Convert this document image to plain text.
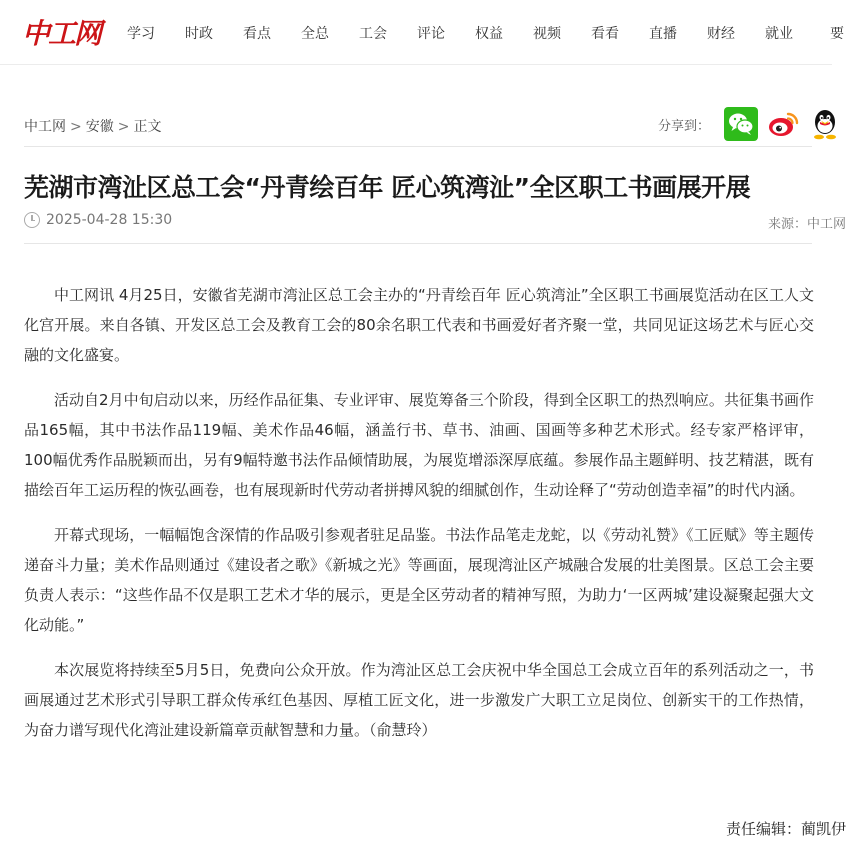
中工网	学习	时政	看点	全总	工会	评论	权益	视频	看看	直播	财经	就业	要
中工网 > 安徽 > 正文	分享到：
芜湖市湾沚区总工会“丹青绘百年 匠心筑湾沚”全区职工书画展开展
2025-04-28 15:30	来源：中工网

中工网讯 4月25日，安徽省芜湖市湾沚区总工会主办的“丹青绘百年 匠心筑湾沚”全区职工书画展览活动在区工人文化宫开展。来自各镇、开发区总工会及教育工会的80余名职工代表和书画爱好者齐聚一堂，共同见证这场艺术与匠心交融的文化盛宴。

活动自2月中旬启动以来，历经作品征集、专业评审、展览筹备三个阶段，得到全区职工的热烈响应。共征集书画作品165幅，其中书法作品119幅、美术作品46幅，涵盖行书、草书、油画、国画等多种艺术形式。经专家严格评审，100幅优秀作品脱颖而出，另有9幅特邀书法作品倾情助展，为展览增添深厚底蕴。参展作品主题鲜明、技艺精湛，既有描绘百年工运历程的恢弘画卷，也有展现新时代劳动者拼搏风貌的细腻创作，生动诠释了“劳动创造幸福”的时代内涵。

开幕式现场，一幅幅饱含深情的作品吸引参观者驻足品鉴。书法作品笔走龙蛇，以《劳动礼赞》《工匠赋》等主题传递奋斗力量；美术作品则通过《建设者之歌》《新城之光》等画面，展现湾沚区产城融合发展的壮美图景。区总工会主要负责人表示：“这些作品不仅是职工艺术才华的展示，更是全区劳动者的精神写照，为助力‘一区两城’建设凝聚起强大文化动能。”

本次展览将持续至5月5日，免费向公众开放。作为湾沚区总工会庆祝中华全国总工会成立百年的系列活动之一，书画展通过艺术形式引导职工群众传承红色基因、厚植工匠文化，进一步激发广大职工立足岗位、创新实干的工作热情，为奋力谱写现代化湾沚建设新篇章贡献智慧和力量。（俞慧玲）

责任编辑：蔺凯伊
